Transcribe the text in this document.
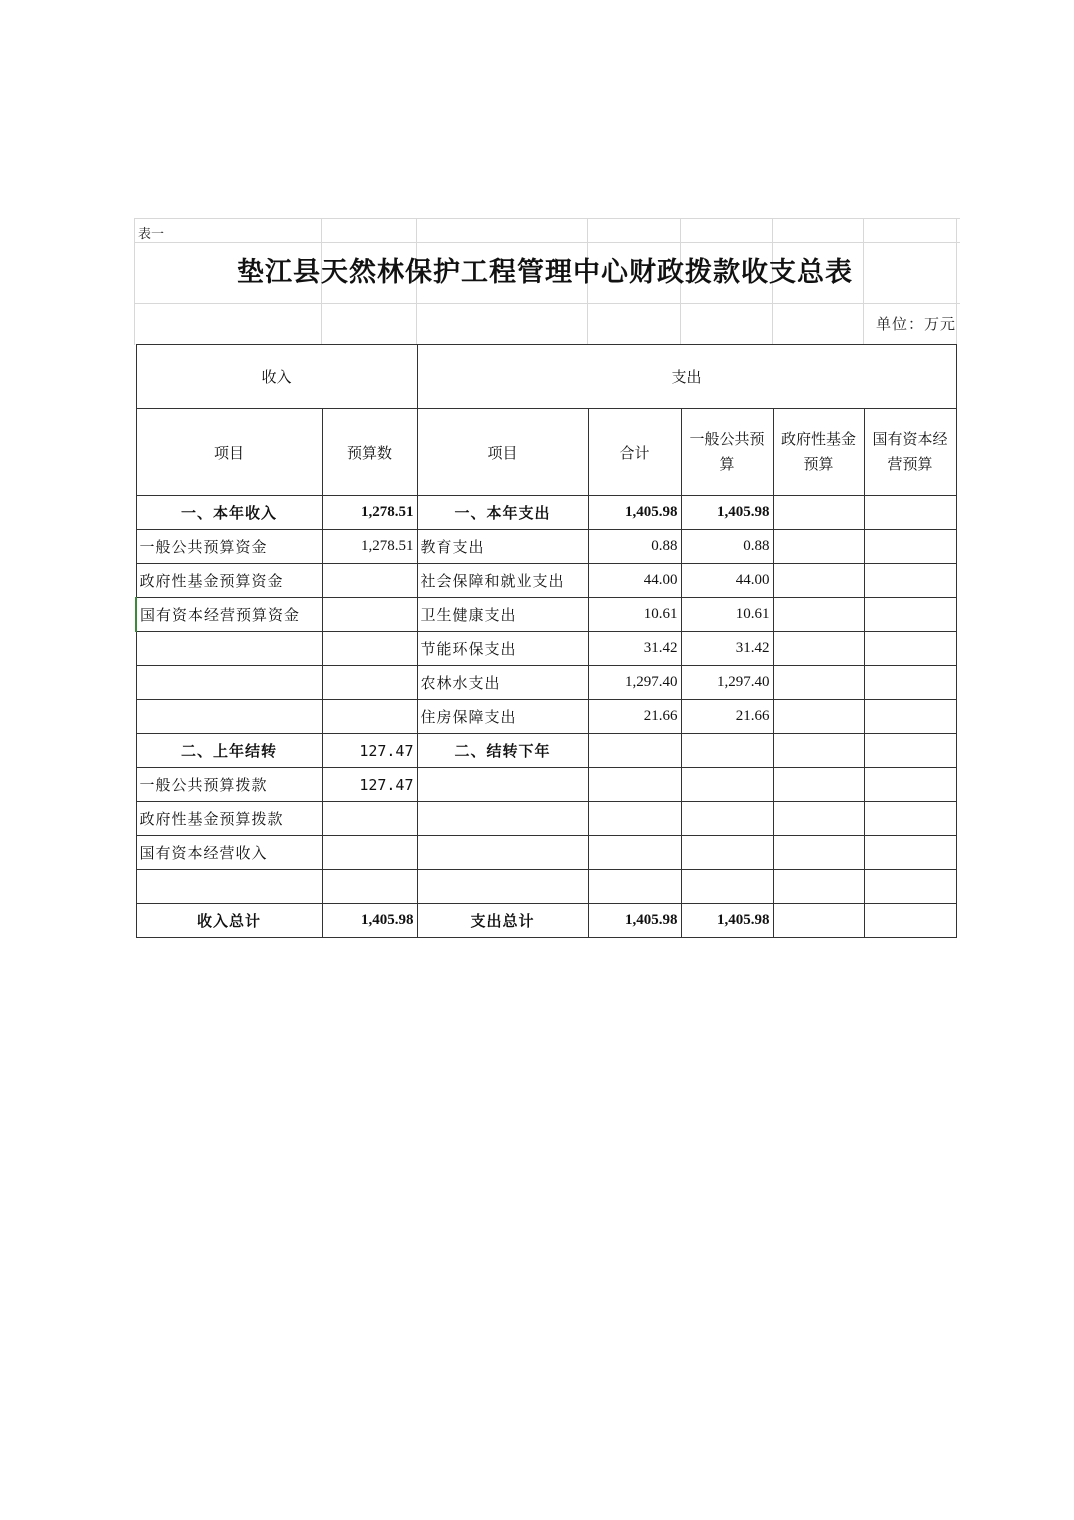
表一
垫江县天然林保护工程管理中心财政拨款收支总表
单位：万元
收入		支出				
项目	预算数	项目	合计	一般公共预算	政府性基金预算	国有资本经营预算
一、本年收入	1,278.51	一、本年支出	1,405.98	1,405.98		
一般公共预算资金	1,278.51	教育支出	0.88	0.88		
政府性基金预算资金		社会保障和就业支出	44.00	44.00		
国有资本经营预算资金		卫生健康支出	10.61	10.61		
		节能环保支出	31.42	31.42		
		农林水支出	1,297.40	1,297.40		
		住房保障支出	21.66	21.66		
二、上年结转	127.47	二、结转下年				
一般公共预算拨款	127.47					
政府性基金预算拨款						
国有资本经营收入						

收入总计	1,405.98	支出总计	1,405.98	1,405.98		
